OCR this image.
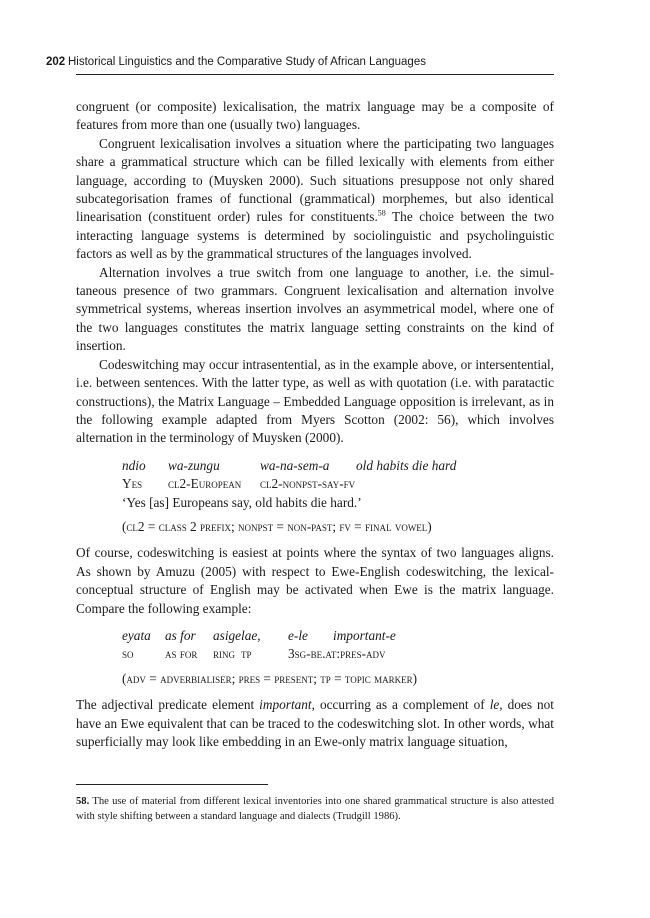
202 Historical Linguistics and the Comparative Study of African Languages

congruent (or composite) lexicalisation, the matrix language may be a composite of features from more than one (usually two) languages.

Congruent lexicalisation involves a situation where the participating two languages share a grammatical structure which can be filled lexically with elements from either language, according to (Muysken 2000). Such situations presuppose not only shared subcategorisation frames of functional (grammatical) morphemes, but also identical linearisation (constituent order) rules for constituents.$^{58}$ The choice between the two interacting language systems is determined by sociolinguistic and psycholinguistic factors as well as by the grammatical structures of the languages involved.

Alternation involves a true switch from one language to another, i.e. the simultaneous presence of two grammars. Congruent lexicalisation and alternation involve symmetrical systems, whereas insertion involves an asymmetrical model, where one of the two languages constitutes the matrix language setting constraints on the kind of insertion.

Codeswitching may occur intrasentential, as in the example above, or intersentential, i.e. between sentences. With the latter type, as well as with quotation (i.e. with paratactic constructions), the Matrix Language – Embedded Language opposition is irrelevant, as in the following example adapted from Myers Scotton (2002: 56), which involves alternation in the terminology of Muysken (2000).

ndio	wa-zungu	wa-na-sem-a	old habits die hard
Yes	cl2-European	cl2-nonpst-say-fv
‘Yes [as] Europeans say, old habits die hard.’
(cl2 = class 2 prefix; nonpst = non-past; fv = final vowel)

Of course, codeswitching is easiest at points where the syntax of two languages aligns. As shown by Amuzu (2005) with respect to Ewe-English codeswitching, the lexical-conceptual structure of English may be activated when Ewe is the matrix language. Compare the following example:

eyata	as for	asige lae,	e-le	important-e
so	as for	ring tp	3sg-be.at:pres-adv
(adv = adverbialiser; pres = present; tp = topic marker)

The adjectival predicate element important, occurring as a complement of le, does not have an Ewe equivalent that can be traced to the codeswitching slot. In other words, what superficially may look like embedding in an Ewe-only matrix language situation,

58. The use of material from different lexical inventories into one shared grammatical structure is also attested with style shifting between a standard language and dialects (Trudgill 1986).
